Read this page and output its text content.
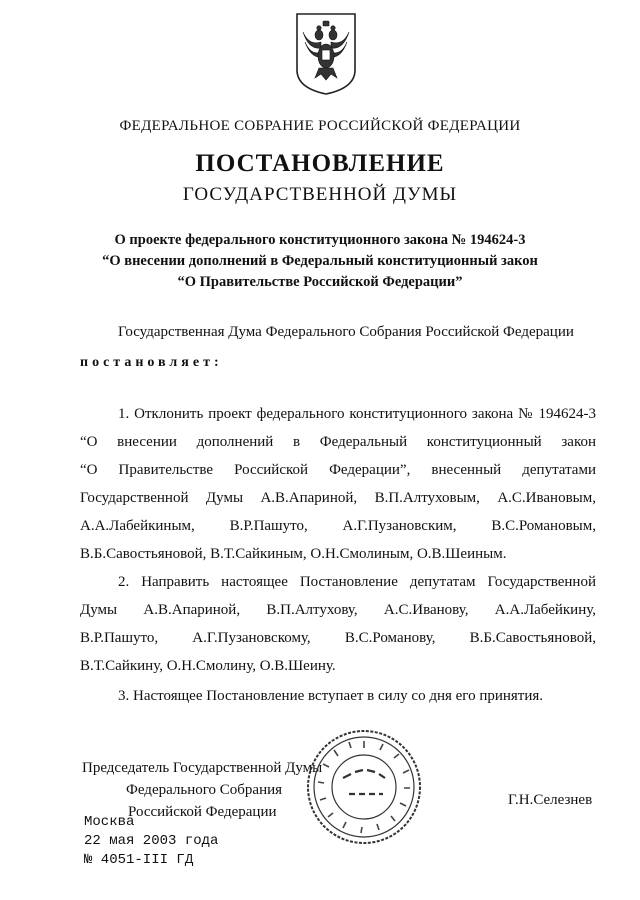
ФЕДЕРАЛЬНОЕ СОБРАНИЕ РОССИЙСКОЙ ФЕДЕРАЦИИ
ПОСТАНОВЛЕНИЕ
ГОСУДАРСТВЕННОЙ ДУМЫ
О проекте федерального конституционного закона № 194624-3
“О внесении дополнений в Федеральный конституционный закон
“О Правительстве Российской Федерации”
Государственная Дума Федерального Собрания Российской Федерации
постановляет:
1. Отклонить проект федерального конституционного закона № 194624-3
“О внесении дополнений в Федеральный конституционный закон
“О Правительстве Российской Федерации”, внесенный депутатами
Государственной Думы А.В.Апариной, В.П.Алтуховым, А.С.Ивановым,
А.А.Лабейкиным, В.Р.Пашуто, А.Г.Пузановским, В.С.Романовым,
В.Б.Савостьяновой, В.Т.Сайкиным, О.Н.Смолиным, О.В.Шеиным.
2. Направить настоящее Постановление депутатам Государственной
Думы А.В.Апариной, В.П.Алтухову, А.С.Иванову, А.А.Лабейкину,
В.Р.Пашуто, А.Г.Пузановскому, В.С.Романову, В.Б.Савостьяновой,
В.Т.Сайкину, О.Н.Смолину, О.В.Шеину.
3. Настоящее Постановление вступает в силу со дня его принятия.
Председатель Государственной Думы
Федерального Собрания
Российской Федерации
Г.Н.Селезнев
Москва
22 мая 2003 года
№ 4051-III ГД
